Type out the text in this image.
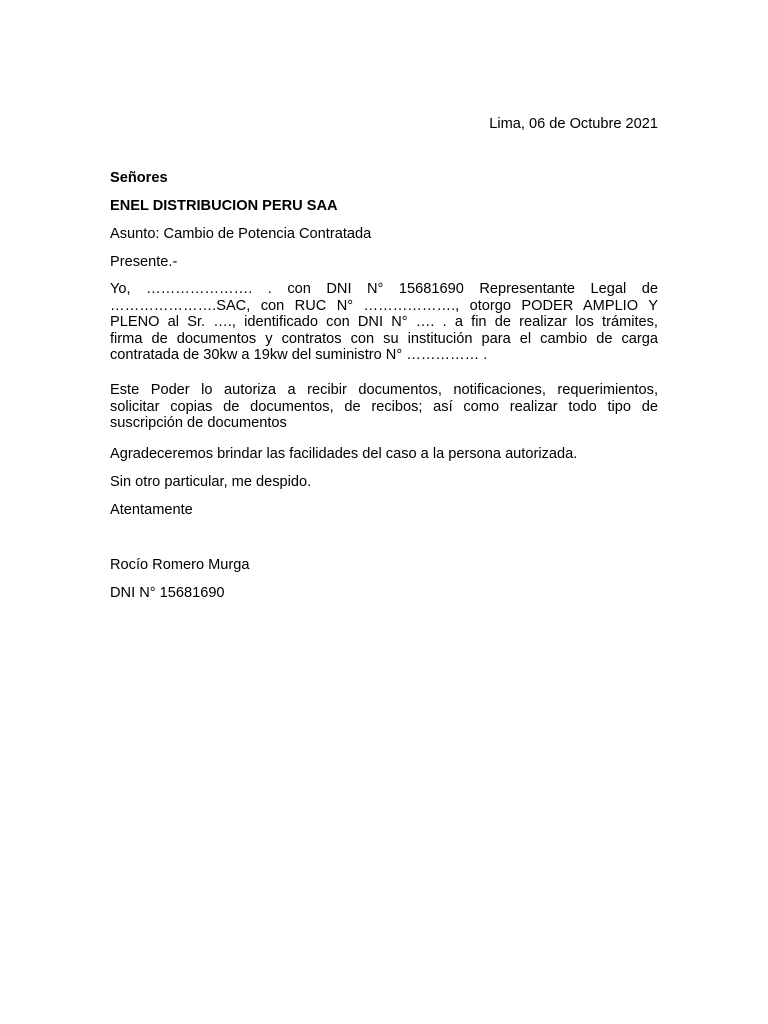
Lima, 06 de Octubre 2021
Señores
ENEL DISTRIBUCION PERU SAA
Asunto: Cambio de Potencia Contratada
Presente.-
Yo, …………………. . con DNI N° 15681690 Representante Legal de
………………….SAC, con RUC N° ………………., otorgo PODER AMPLIO Y
PLENO al Sr. …., identificado con DNI N° …. . a fin de realizar los trámites,
firma de documentos y contratos con su institución para el cambio de carga
contratada de 30kw a 19kw del suministro N° …………… .
Este Poder lo autoriza a recibir documentos, notificaciones, requerimientos,
solicitar copias de documentos, de recibos; así como realizar todo tipo de
suscripción de documentos
Agradeceremos brindar las facilidades del caso a la persona autorizada.
Sin otro particular, me despido.
Atentamente
Rocío Romero Murga
DNI N° 15681690
